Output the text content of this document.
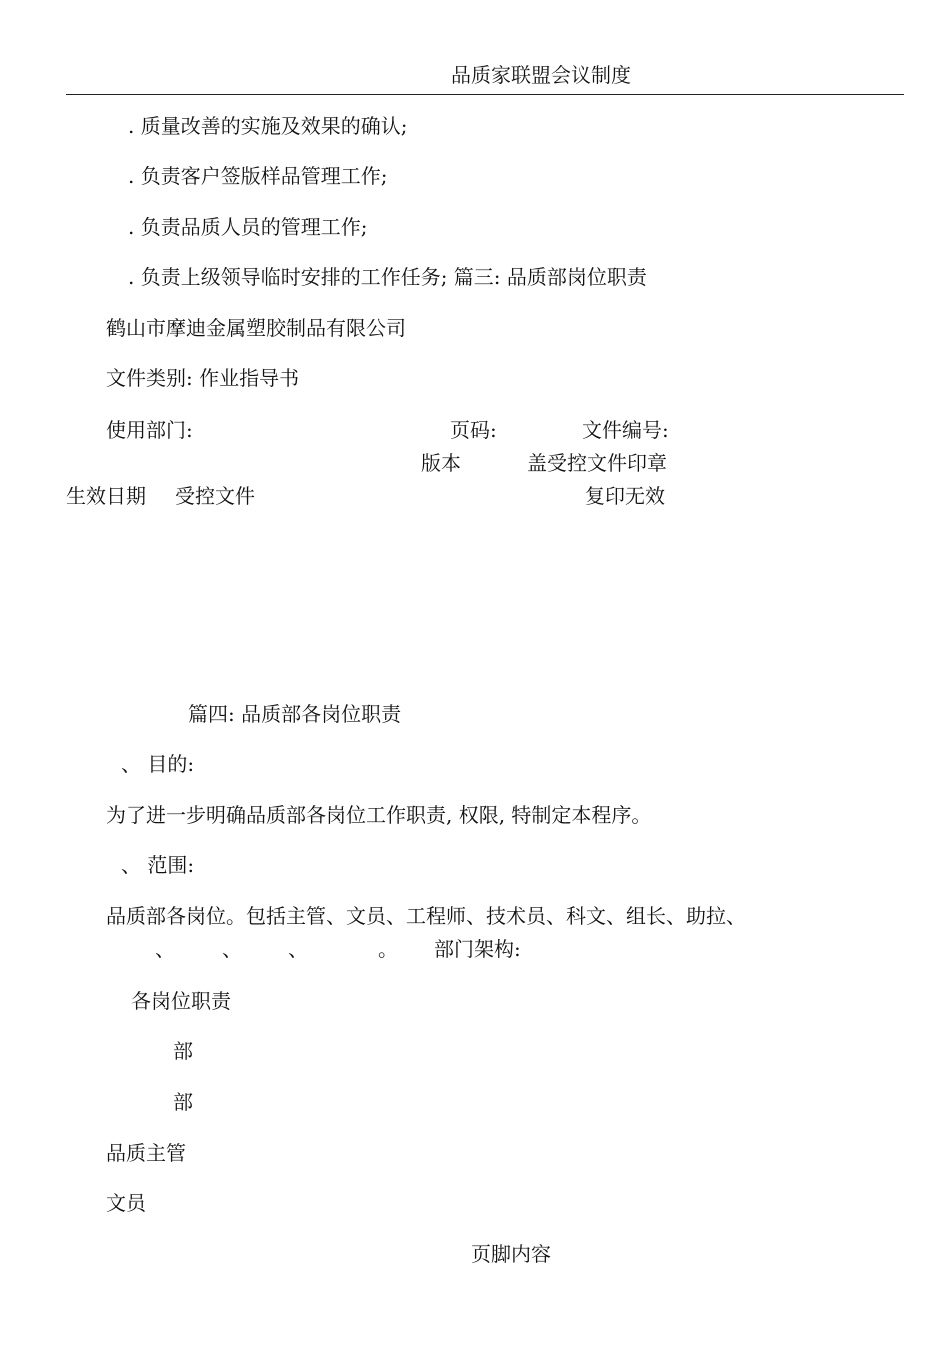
品质家联盟会议制度
. 质量改善的实施及效果的确认;
. 负责客户签版样品管理工作;
. 负责品质人员的管理工作;
. 负责上级领导临时安排的工作任务; 篇三: 品质部岗位职责
鹤山市摩迪金属塑胶制品有限公司
文件类别: 作业指导书
使用部门:	页码:	文件编号:
版本	盖受控文件印章
生效日期 受控文件	复印无效
篇四: 品质部各岗位职责
、 目的:
为了进一步明确品质部各岗位工作职责, 权限, 特制定本程序。
、 范围:
品质部各岗位。包括主管、文员、工程师、技术员、科文、组长、助拉、
、 、 、	。 部门架构:
各岗位职责
部
部
品质主管
文员
页脚内容
